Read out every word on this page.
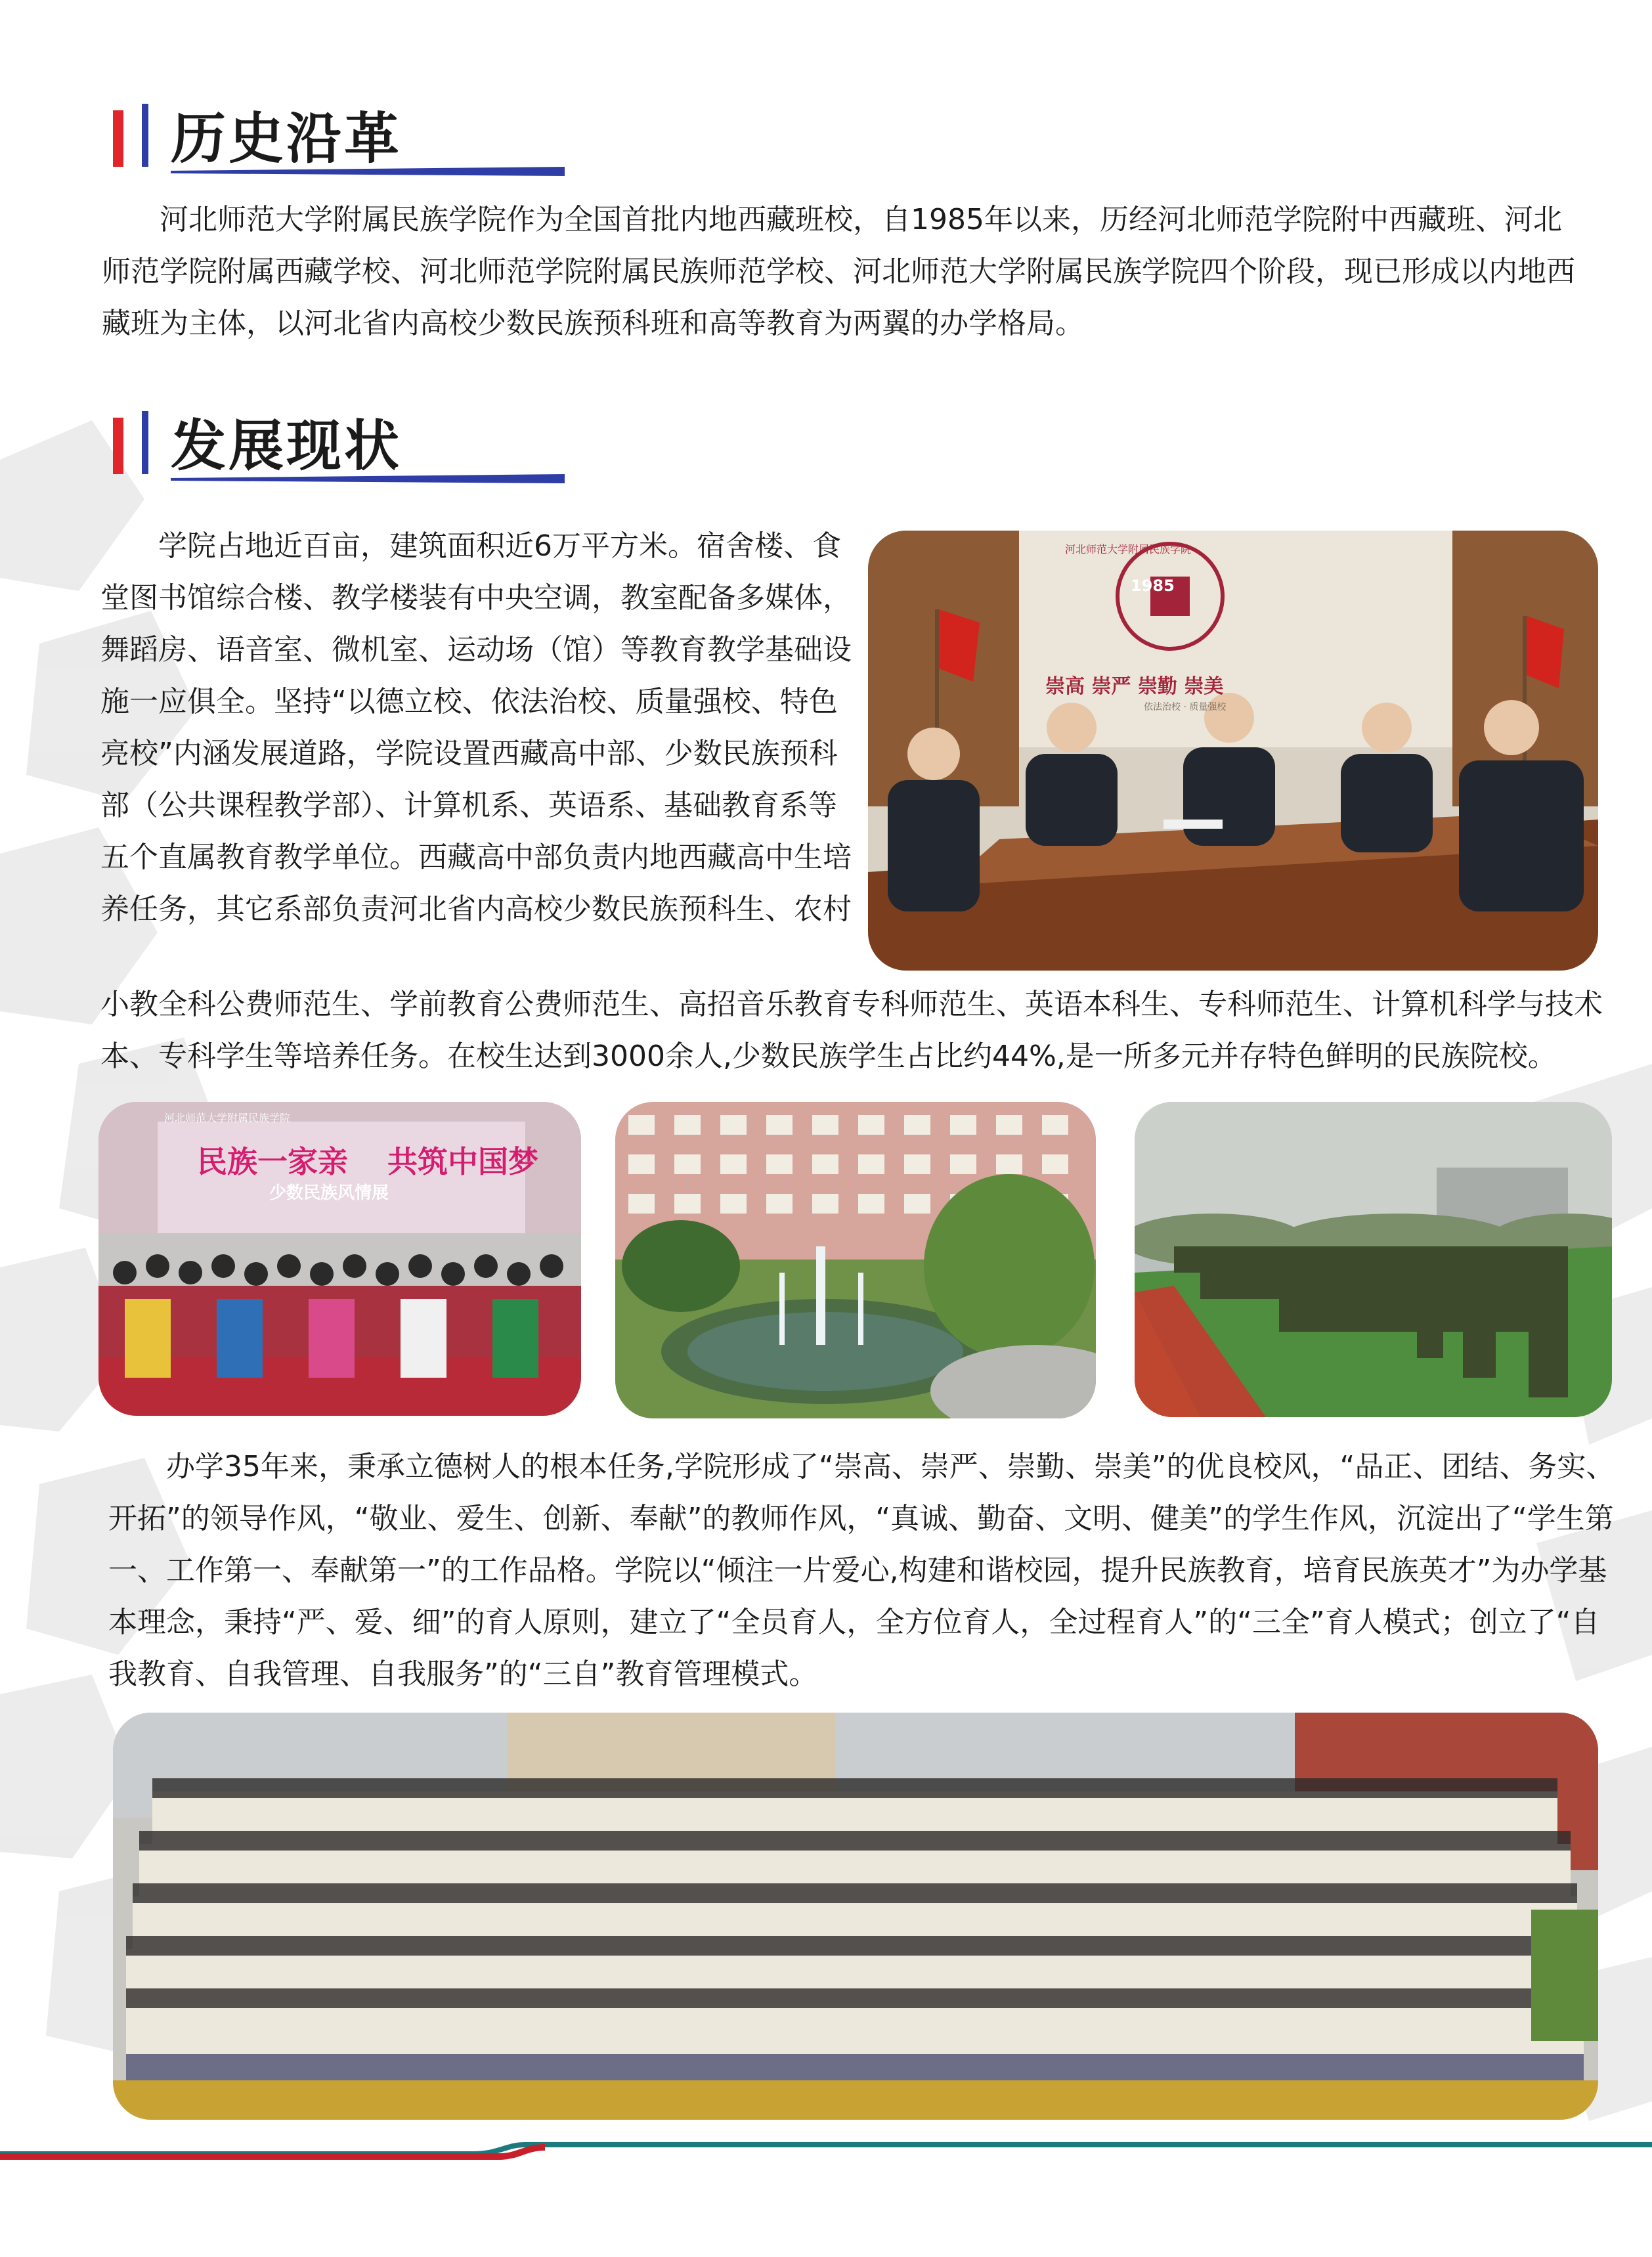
历史沿革

河北师范大学附属民族学院作为全国首批内地西藏班校，自1985年以来，历经河北师范学院附中西藏班、河北师范学院附属西藏学校、河北师范学院附属民族师范学校、河北师范大学附属民族学院四个阶段，现已形成以内地西藏班为主体，以河北省内高校少数民族预科班和高等教育为两翼的办学格局。

发展现状

学院占地近百亩，建筑面积近6万平方米。宿舍楼、食堂图书馆综合楼、教学楼装有中央空调，教室配备多媒体，舞蹈房、语音室、微机室、运动场（馆）等教育教学基础设施一应俱全。坚持“以德立校、依法治校、质量强校、特色亮校”内涵发展道路，学院设置西藏高中部、少数民族预科部（公共课程教学部）、计算机系、英语系、基础教育系等五个直属教育教学单位。西藏高中部负责内地西藏高中生培养任务，其它系部负责河北省内高校少数民族预科生、农村

1985
崇高 崇严 崇勤 崇美
依法治校 · 质量强校
河北师范大学附属民族学院

小教全科公费师范生、学前教育公费师范生、高招音乐教育专科师范生、英语本科生、专科师范生、计算机科学与技术本、专科学生等培养任务。在校生达到3000余人,少数民族学生占比约44%,是一所多元并存特色鲜明的民族院校。

民族一家亲 共筑中国梦
少数民族风情展
河北师范大学附属民族学院

办学35年来，秉承立德树人的根本任务,学院形成了“崇高、崇严、崇勤、崇美”的优良校风，“品正、团结、务实、开拓”的领导作风，“敬业、爱生、创新、奉献”的教师作风，“真诚、勤奋、文明、健美”的学生作风，沉淀出了“学生第一、工作第一、奉献第一”的工作品格。学院以“倾注一片爱心,构建和谐校园，提升民族教育，培育民族英才”为办学基本理念，秉持“严、爱、细”的育人原则，建立了“全员育人，全方位育人，全过程育人”的“三全”育人模式；创立了“自我教育、自我管理、自我服务”的“三自”教育管理模式。
